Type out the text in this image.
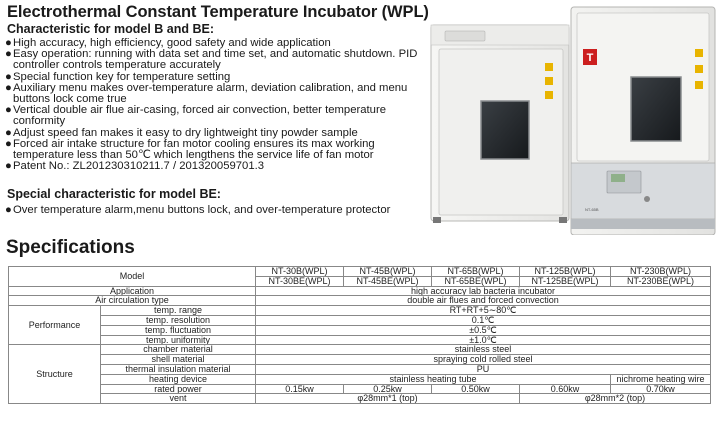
Electrothermal Constant Temperature Incubator (WPL)
Characteristic for model B and BE:
● High accuracy, high efficiency, good safety and wide application
● Easy operation: running with data set and time set, and automatic shutdown. PID controller controls temperature accurately
● Special function key for temperature setting
● Auxiliary menu makes over-temperature alarm, deviation calibration, and menu buttons lock come true
● Vertical double air flue air-casing, forced air convection, better temperature conformity
● Adjust speed fan makes it easy to dry lightweight tiny powder sample
● Forced air intake structure for fan motor cooling ensures its max working temperature less than 50℃ which lengthens the service life of fan motor
● Patent No.: ZL201230310211.7 / 201320059701.3
Special characteristic for model BE:
● Over temperature alarm,menu buttons lock, and over-temperature protector
T
NT-65B
Specifications
Model		NT-30B(WPL)	NT-45B(WPL)	NT-65B(WPL)	NT-125B(WPL)	NT-230B(WPL)
		NT-30BE(WPL)	NT-45BE(WPL)	NT-65BE(WPL)	NT-125BE(WPL)	NT-230BE(WPL)
Application		high accuracy lab bacteria incubator				
Air circulation type		double air flues and forced convection				
Performance	temp. range	RT+RT+5∼80℃				
	temp. resolution	0.1℃				
	temp. fluctuation	±0.5℃				
	temp. uniformity	±1.0℃				
Structure	chamber material	stainless steel				
	shell material	spraying cold rolled steel				
	thermal insulation material	PU				
	heating device	stainless heating tube				nichrome heating wire
	rated power	0.15kw	0.25kw	0.50kw	0.60kw	0.70kw
	vent	φ28mm*1 (top)			φ28mm*2 (top)	
